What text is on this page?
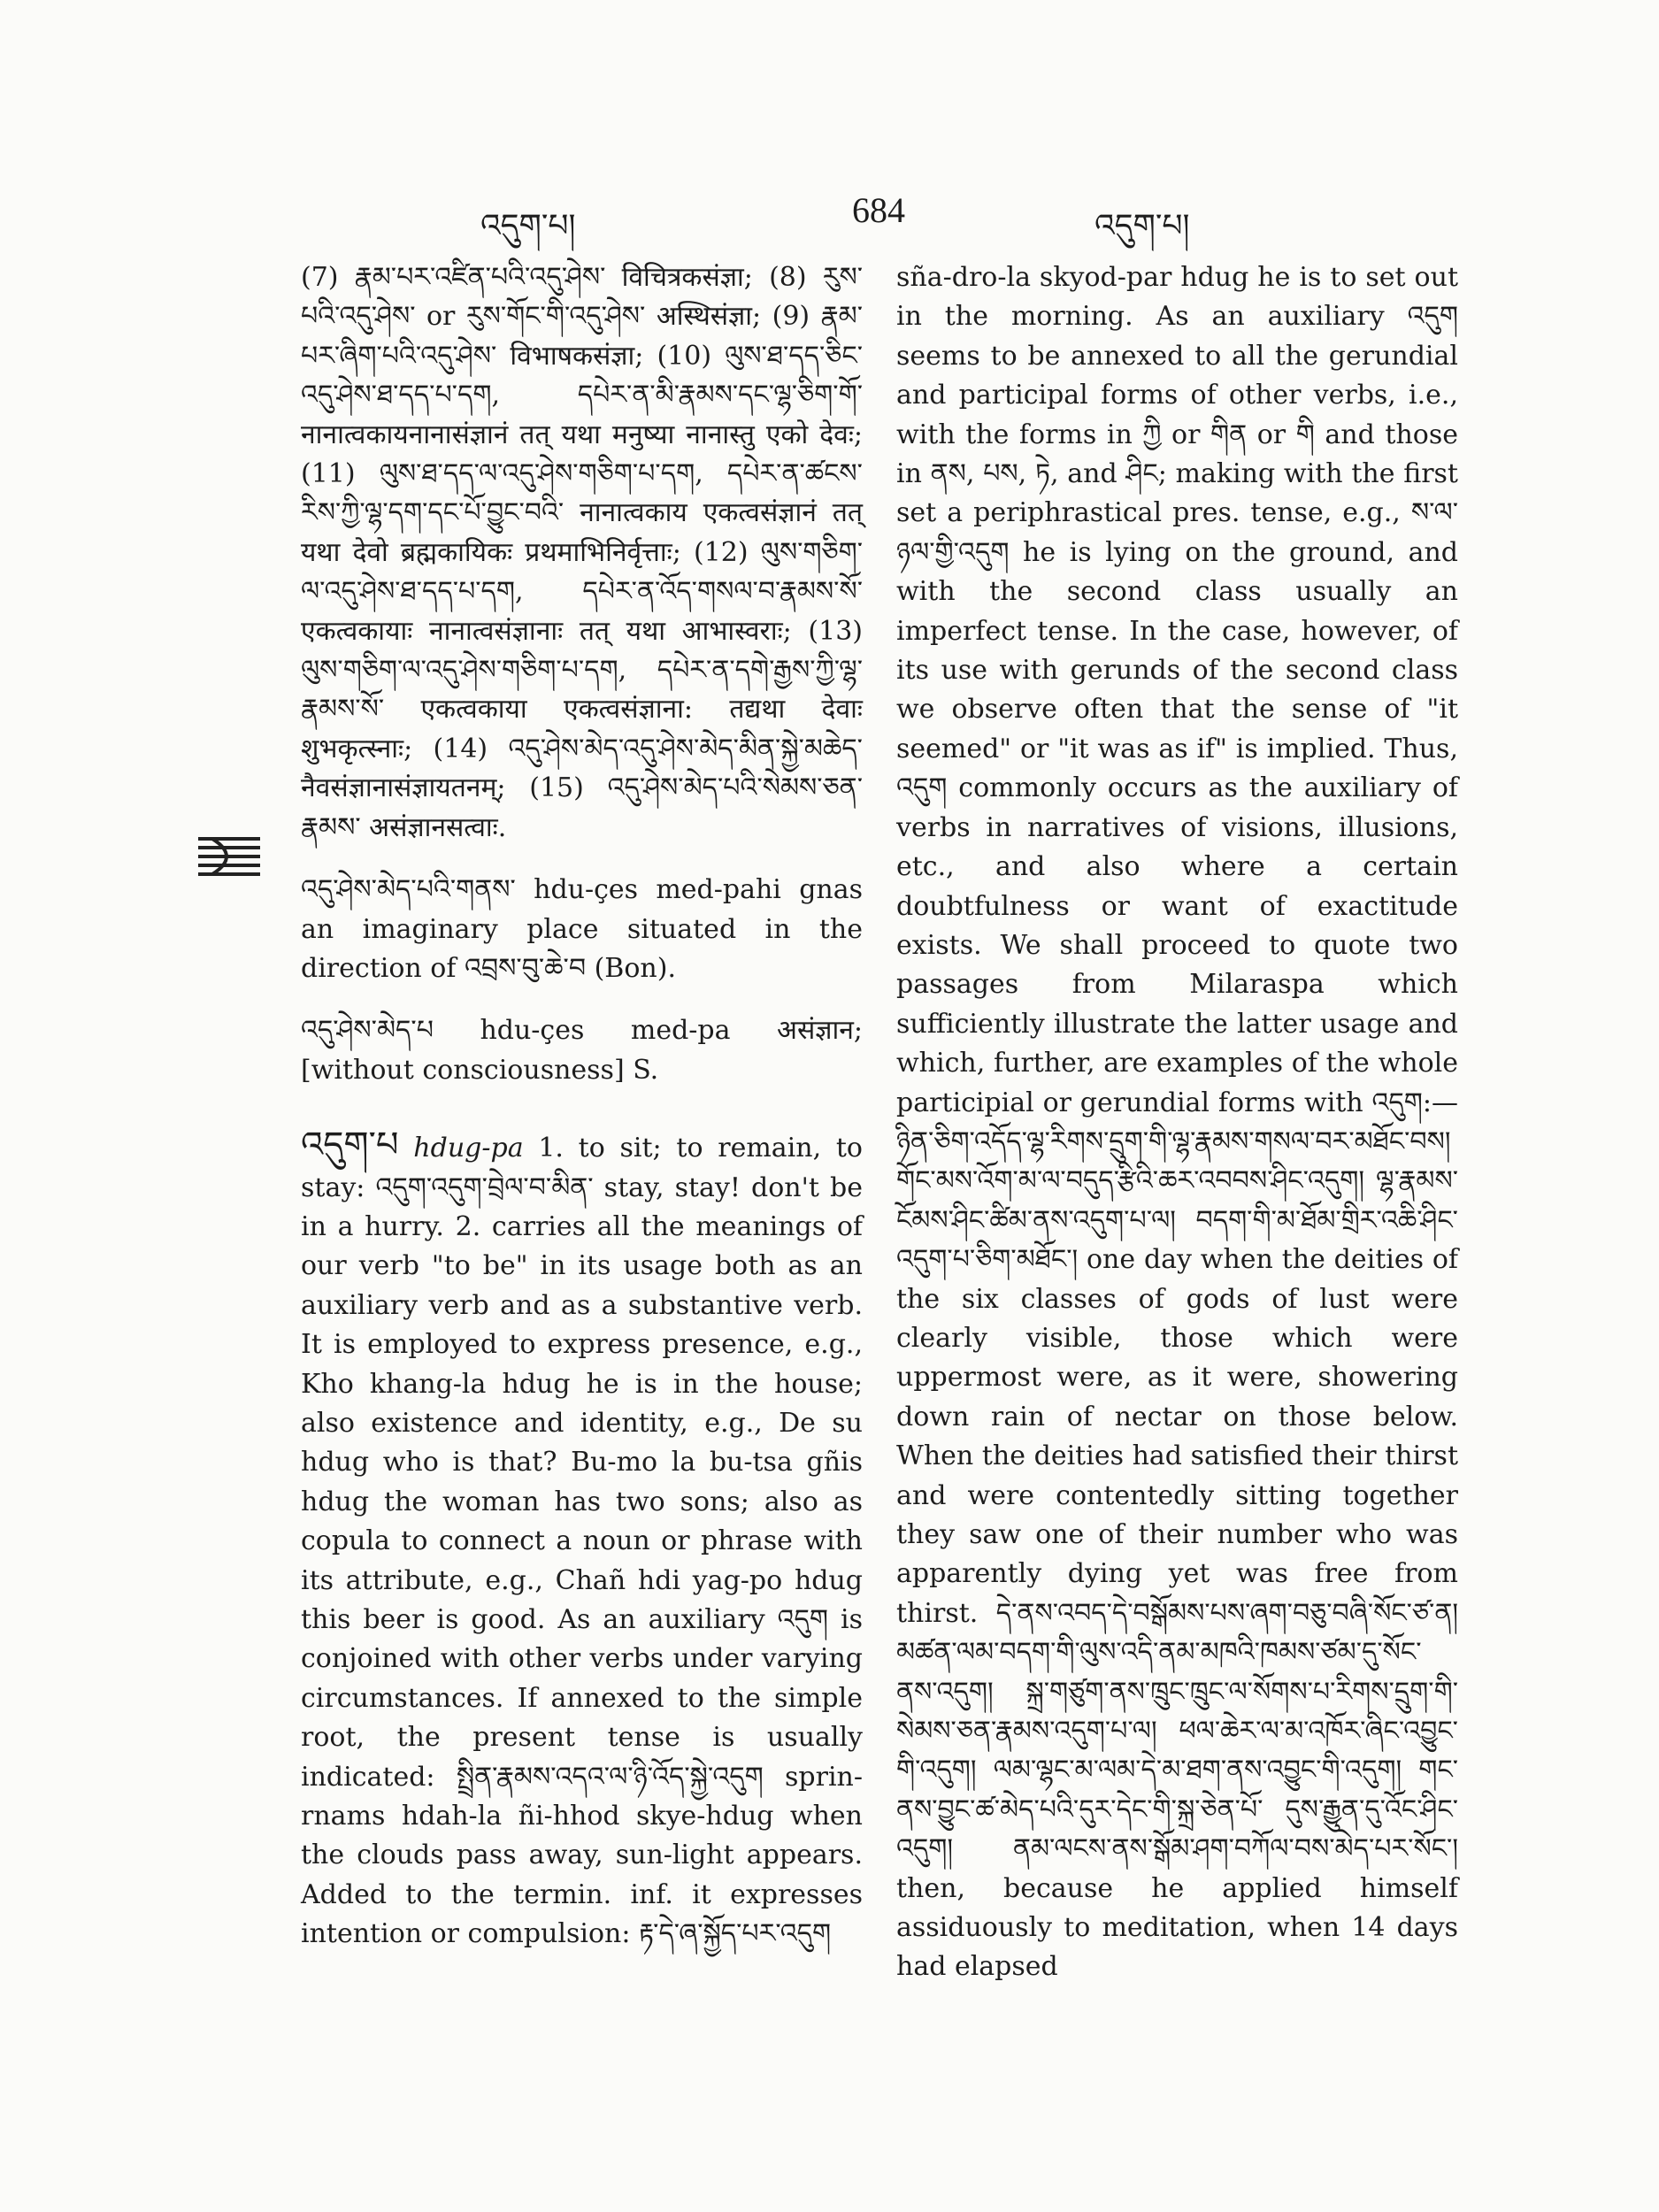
འདུག་པ།	684	འདུག་པ།

(7) རྣམ་པར་འཛིན་པའི་འདུ་ཤེས་ विचित्रकसंज्ञा; (8) རུས་པའི་འདུ་ཤེས་ or རུས་གོང་གི་འདུ་ཤེས་ अस्थिसंज्ञा; (9) རྣམ་པར་ཞིག་པའི་འདུ་ཤེས་ विभाषकसंज्ञा; (10) ལུས་ཐ་དད་ཅིང་འདུ་ཤེས་ཐ་དད་པ་དག, དཔེར་ན་མི་རྣམས་དང་ལྷ་ཅིག་གོ་ नानात्वकायनानासंज्ञानं तत् यथा मनुष्या नानास्तु एको देवः; (11) ལུས་ཐ་དད་ལ་འདུ་ཤེས་གཅིག་པ་དག, དཔེར་ན་ཚངས་རིས་ཀྱི་ལྷ་དག་དང་པོ་བྱུང་བའི་ नानात्वकाय एकत्वसंज्ञानं तत् यथा देवो ब्रह्मकायिकः प्रथमाभिनिर्वृत्ताः; (12) ལུས་གཅིག་ལ་འདུ་ཤེས་ཐ་དད་པ་དག, དཔེར་ན་འོད་གསལ་བ་རྣམས་སོ་ एकत्वकायाः नानात्वसंज्ञानाः तत् यथा आभास्वराः; (13) ལུས་གཅིག་ལ་འདུ་ཤེས་གཅིག་པ་དག, དཔེར་ན་དགེ་རྒྱས་ཀྱི་ལྷ་རྣམས་སོ་ एकत्वकाया एकत्वसंज्ञाना: तद्यथा देवाः शुभकृत्स्नाः; (14) འདུ་ཤེས་མེད་འདུ་ཤེས་མེད་མིན་སྐྱེ་མཆེད་ नैवसंज्ञानासंज्ञायतनम्; (15) འདུ་ཤེས་མེད་པའི་སེམས་ཅན་རྣམས་ असंज्ञानसत्वाः.

འདུ་ཤེས་མེད་པའི་གནས་ hdu-çes med-pahi gnas an imaginary place situated in the direction of འབྲས་བུ་ཆེ་བ (Bon).

འདུ་ཤེས་མེད་པ hdu-çes med-pa असंज्ञान; [without consciousness] S.

འདུག་པ hdug-pa 1. to sit; to remain, to stay: འདུག་འདུག་བྲེལ་བ་མིན་ stay, stay! don't be in a hurry. 2. carries all the meanings of our verb "to be" in its usage both as an auxiliary verb and as a substantive verb. It is employed to express presence, e.g., Kho khang-la hdug he is in the house; also existence and identity, e.g., De su hdug who is that? Bu-mo la bu-tsa gñis hdug the woman has two sons; also as copula to connect a noun or phrase with its attribute, e.g., Chañ hdi yag-po hdug this beer is good. As an auxiliary འདུག is conjoined with other verbs under varying circumstances. If annexed to the simple root, the present tense is usually indicated: སྤྲིན་རྣམས་འདའ་ལ་ཉི་འོད་སྐྱེ་འདུག sprin-rnams hdah-la ñi-hhod skye-hdug when the clouds pass away, sun-light appears. Added to the termin. inf. it expresses intention or compulsion: རྟ་དེ་ཞ་སྐྱོད་པར་འདུག

sña-dro-la skyod-par hdug he is to set out in the morning. As an auxiliary འདུག seems to be annexed to all the gerundial and participal forms of other verbs, i.e., with the forms in ཀྱི or གིན or གི and those in ནས, པས, ཏེ, and ཤིང; making with the first set a periphrastical pres. tense, e.g., ས་ལ་ཉལ་གྱི་འདུག he is lying on the ground, and with the second class usually an imperfect tense. In the case, however, of its use with gerunds of the second class we observe often that the sense of "it seemed" or "it was as if" is implied. Thus, འདུག commonly occurs as the auxiliary of verbs in narratives of visions, illusions, etc., and also where a certain doubtfulness or want of exactitude exists. We shall proceed to quote two passages from Milaraspa which sufficiently illustrate the latter usage and which, further, are examples of the whole participial or gerundial forms with འདུག:—ཉིན་ཅིག་འདོད་ལྷ་རིགས་དྲུག་གི་ལྷ་རྣམས་གསལ་བར་མཐོང་བས། གོང་མས་འོག་མ་ལ་བདུད་རྩིའི་ཆར་འབབས་ཤིང་འདུག། ལྷ་རྣམས་ངོམས་ཤིང་ཚིམ་ནས་འདུག་པ་ལ། བདག་གི་མ་ཐོམ་གྲིར་འཆི་ཤིང་འདུག་པ་ཅིག་མཐོང་། one day when the deities of the six classes of gods of lust were clearly visible, those which were uppermost were, as it were, showering down rain of nectar on those below. When the deities had satisfied their thirst and were contentedly sitting together they saw one of their number who was apparently dying yet was free from thirst. དེ་ནས་འབད་དེ་བསྒོམས་པས་ཞག་བཅུ་བཞི་སོང་ཙ་ན། མཚན་ལམ་བདག་གི་ལུས་འདི་ནམ་མཁའི་ཁམས་ཙམ་དུ་སོང་ནས་འདུག། སྐྲ་གཙུག་ནས་ཁྲུང་ཁྲུང་ལ་སོགས་པ་རིགས་དྲུག་གི་སེམས་ཅན་རྣམས་འདུག་པ་ལ། ཕལ་ཆེར་ལ་མ་འཁོར་ཞིང་འབྱུང་གི་འདུག། ལམ་ལྷང་མ་ལམ་དེ་མ་ཐག་ནས་འབྱུང་གི་འདུག། གང་ནས་བྱུང་ཚ་མེད་པའི་དུར་དེང་གི་སྐྲ་ཅེན་པོ་ དུས་རྒྱུན་དུ་འོང་ཤིང་འདུག། ནམ་ལངས་ནས་སྒོམ་ཤག་བཀོལ་བས་མེད་པར་སོང་། then, because he applied himself assiduously to meditation, when 14 days had elapsed
